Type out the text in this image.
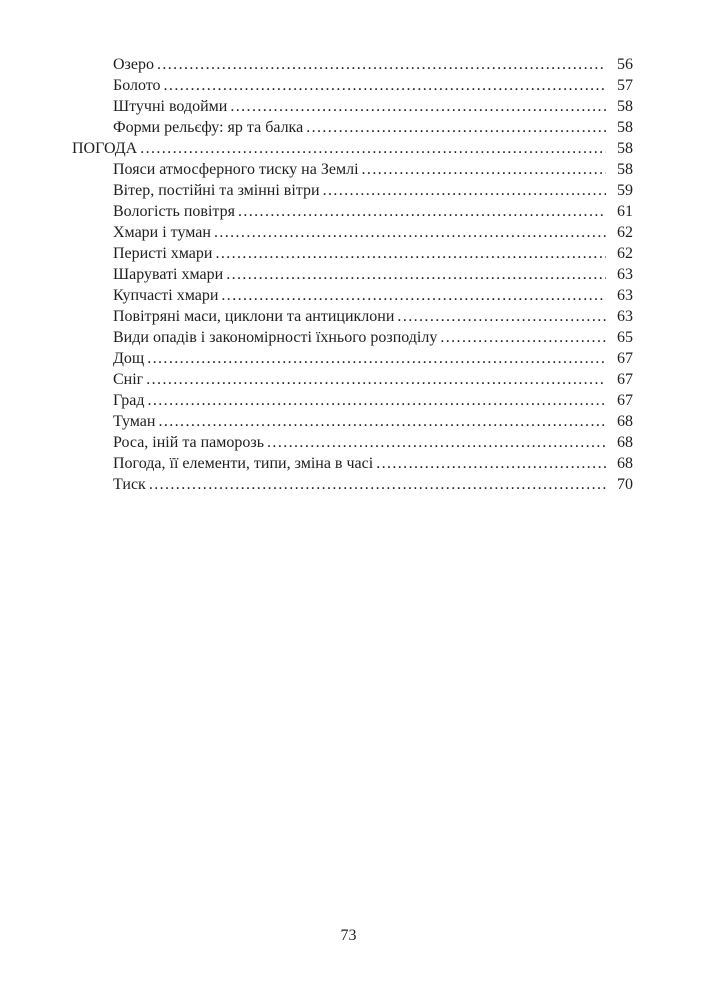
Озеро .....	56
Болото .....	57
Штучні водойми .....	58
Форми рельєфу: яр та балка .....	58
ПОГОДА .....	58
Пояси атмосферного тиску на Землі .....	58
Вітер, постійні та змінні вітри .....	59
Вологість повітря .....	61
Хмари і туман .....	62
Перисті хмари .....	62
Шаруваті хмари .....	63
Купчасті хмари .....	63
Повітряні маси, циклони та антициклони .....	63
Види опадів і закономірності їхнього розподілу .....	65
Дощ .....	67
Сніг .....	67
Град .....	67
Туман .....	68
Роса, іній та паморозь .....	68
Погода, її елементи, типи, зміна в часі .....	68
Тиск .....	70
73
